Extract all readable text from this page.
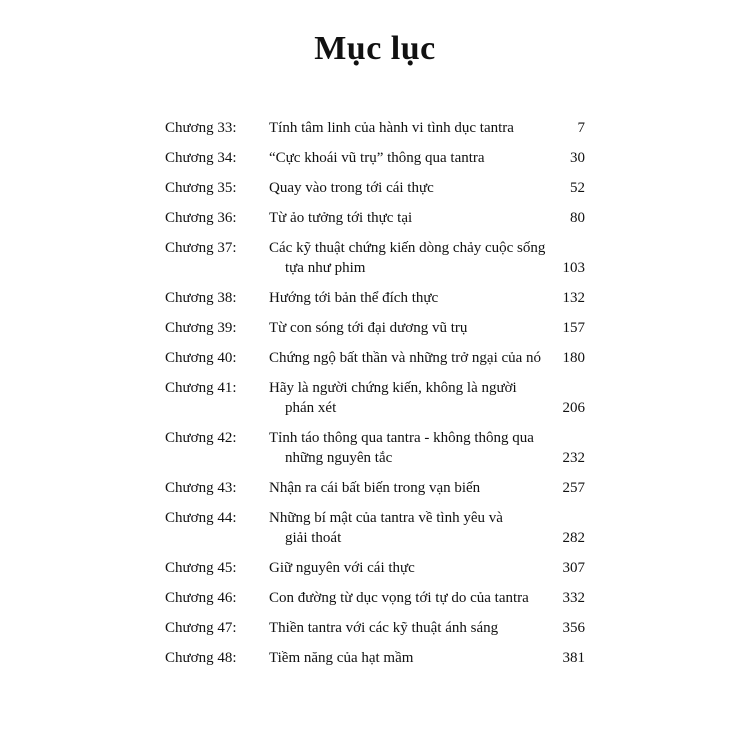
Mục lục
Chương 33: Tính tâm linh của hành vi tình dục tantra	7
Chương 34: “Cực khoái vũ trụ” thông qua tantra	30
Chương 35: Quay vào trong tới cái thực	52
Chương 36: Từ ảo tưởng tới thực tại	80
Chương 37: Các kỹ thuật chứng kiến dòng chảy cuộc sống
tựa như phim	103
Chương 38: Hướng tới bản thể đích thực	132
Chương 39: Từ con sóng tới đại dương vũ trụ	157
Chương 40: Chứng ngộ bất thần và những trở ngại của nó	180
Chương 41: Hãy là người chứng kiến, không là người
phán xét	206
Chương 42: Tỉnh táo thông qua tantra - không thông qua
những nguyên tắc	232
Chương 43: Nhận ra cái bất biến trong vạn biến	257
Chương 44: Những bí mật của tantra về tình yêu và
giải thoát	282
Chương 45: Giữ nguyên với cái thực	307
Chương 46: Con đường từ dục vọng tới tự do của tantra	332
Chương 47: Thiền tantra với các kỹ thuật ánh sáng	356
Chương 48: Tiềm năng của hạt mầm	381
